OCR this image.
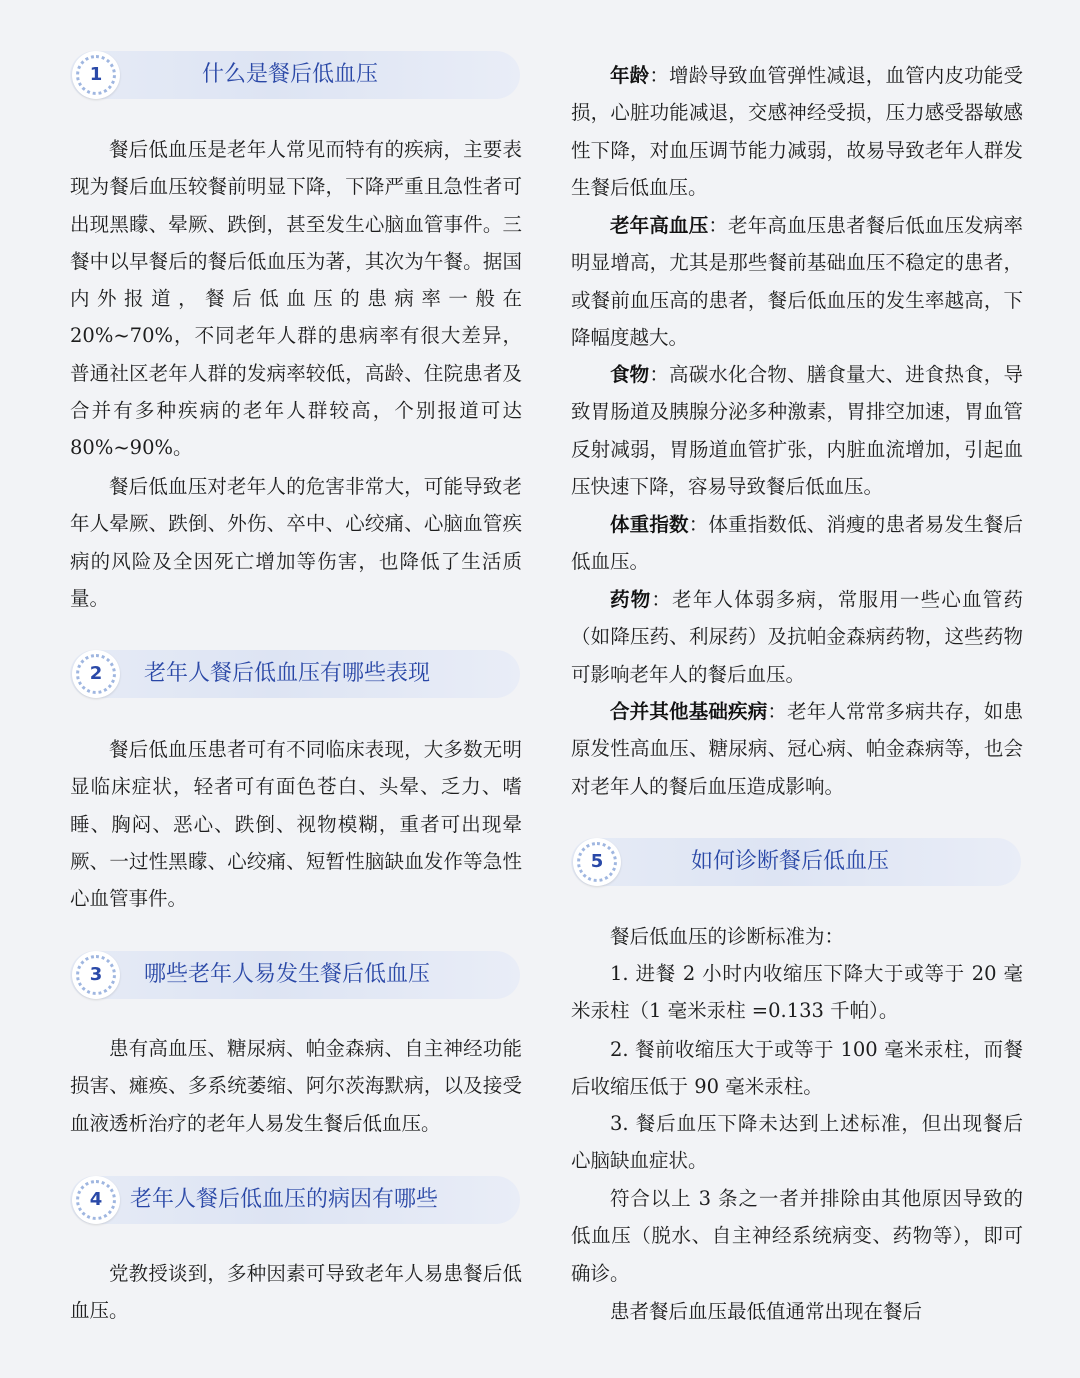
1	什么是餐后低血压

餐后低血压是老年人常见而特有的疾病，主要表现为餐后血压较餐前明显下降，下降严重且急性者可出现黑矇、晕厥、跌倒，甚至发生心脑血管事件。三餐中以早餐后的餐后低血压为著，其次为午餐。据国内外报道，餐后低血压的患病率一般在 20%~70%，不同老年人群的患病率有很大差异，普通社区老年人群的发病率较低，高龄、住院患者及合并有多种疾病的老年人群较高，个别报道可达 80%~90%。

餐后低血压对老年人的危害非常大，可能导致老年人晕厥、跌倒、外伤、卒中、心绞痛、心脑血管疾病的风险及全因死亡增加等伤害，也降低了生活质量。

2	老年人餐后低血压有哪些表现

餐后低血压患者可有不同临床表现，大多数无明显临床症状，轻者可有面色苍白、头晕、乏力、嗜睡、胸闷、恶心、跌倒、视物模糊，重者可出现晕厥、一过性黑矇、心绞痛、短暂性脑缺血发作等急性心血管事件。

3	哪些老年人易发生餐后低血压

患有高血压、糖尿病、帕金森病、自主神经功能损害、瘫痪、多系统萎缩、阿尔茨海默病，以及接受血液透析治疗的老年人易发生餐后低血压。

4	老年人餐后低血压的病因有哪些

党教授谈到，多种因素可导致老年人易患餐后低血压。

年龄：增龄导致血管弹性减退，血管内皮功能受损，心脏功能减退，交感神经受损，压力感受器敏感性下降，对血压调节能力减弱，故易导致老年人群发生餐后低血压。

老年高血压：老年高血压患者餐后低血压发病率明显增高，尤其是那些餐前基础血压不稳定的患者，或餐前血压高的患者，餐后低血压的发生率越高，下降幅度越大。

食物：高碳水化合物、膳食量大、进食热食，导致胃肠道及胰腺分泌多种激素，胃排空加速，胃血管反射减弱，胃肠道血管扩张，内脏血流增加，引起血压快速下降，容易导致餐后低血压。

体重指数：体重指数低、消瘦的患者易发生餐后低血压。

药物：老年人体弱多病，常服用一些心血管药（如降压药、利尿药）及抗帕金森病药物，这些药物可影响老年人的餐后血压。

合并其他基础疾病：老年人常常多病共存，如患原发性高血压、糖尿病、冠心病、帕金森病等，也会对老年人的餐后血压造成影响。

5	如何诊断餐后低血压

餐后低血压的诊断标准为：

1. 进餐 2 小时内收缩压下降大于或等于 20 毫米汞柱（1 毫米汞柱 =0.133 千帕）。

2. 餐前收缩压大于或等于 100 毫米汞柱，而餐后收缩压低于 90 毫米汞柱。

3. 餐后血压下降未达到上述标准，但出现餐后心脑缺血症状。

符合以上 3 条之一者并排除由其他原因导致的低血压（脱水、自主神经系统病变、药物等），即可确诊。

患者餐后血压最低值通常出现在餐后
